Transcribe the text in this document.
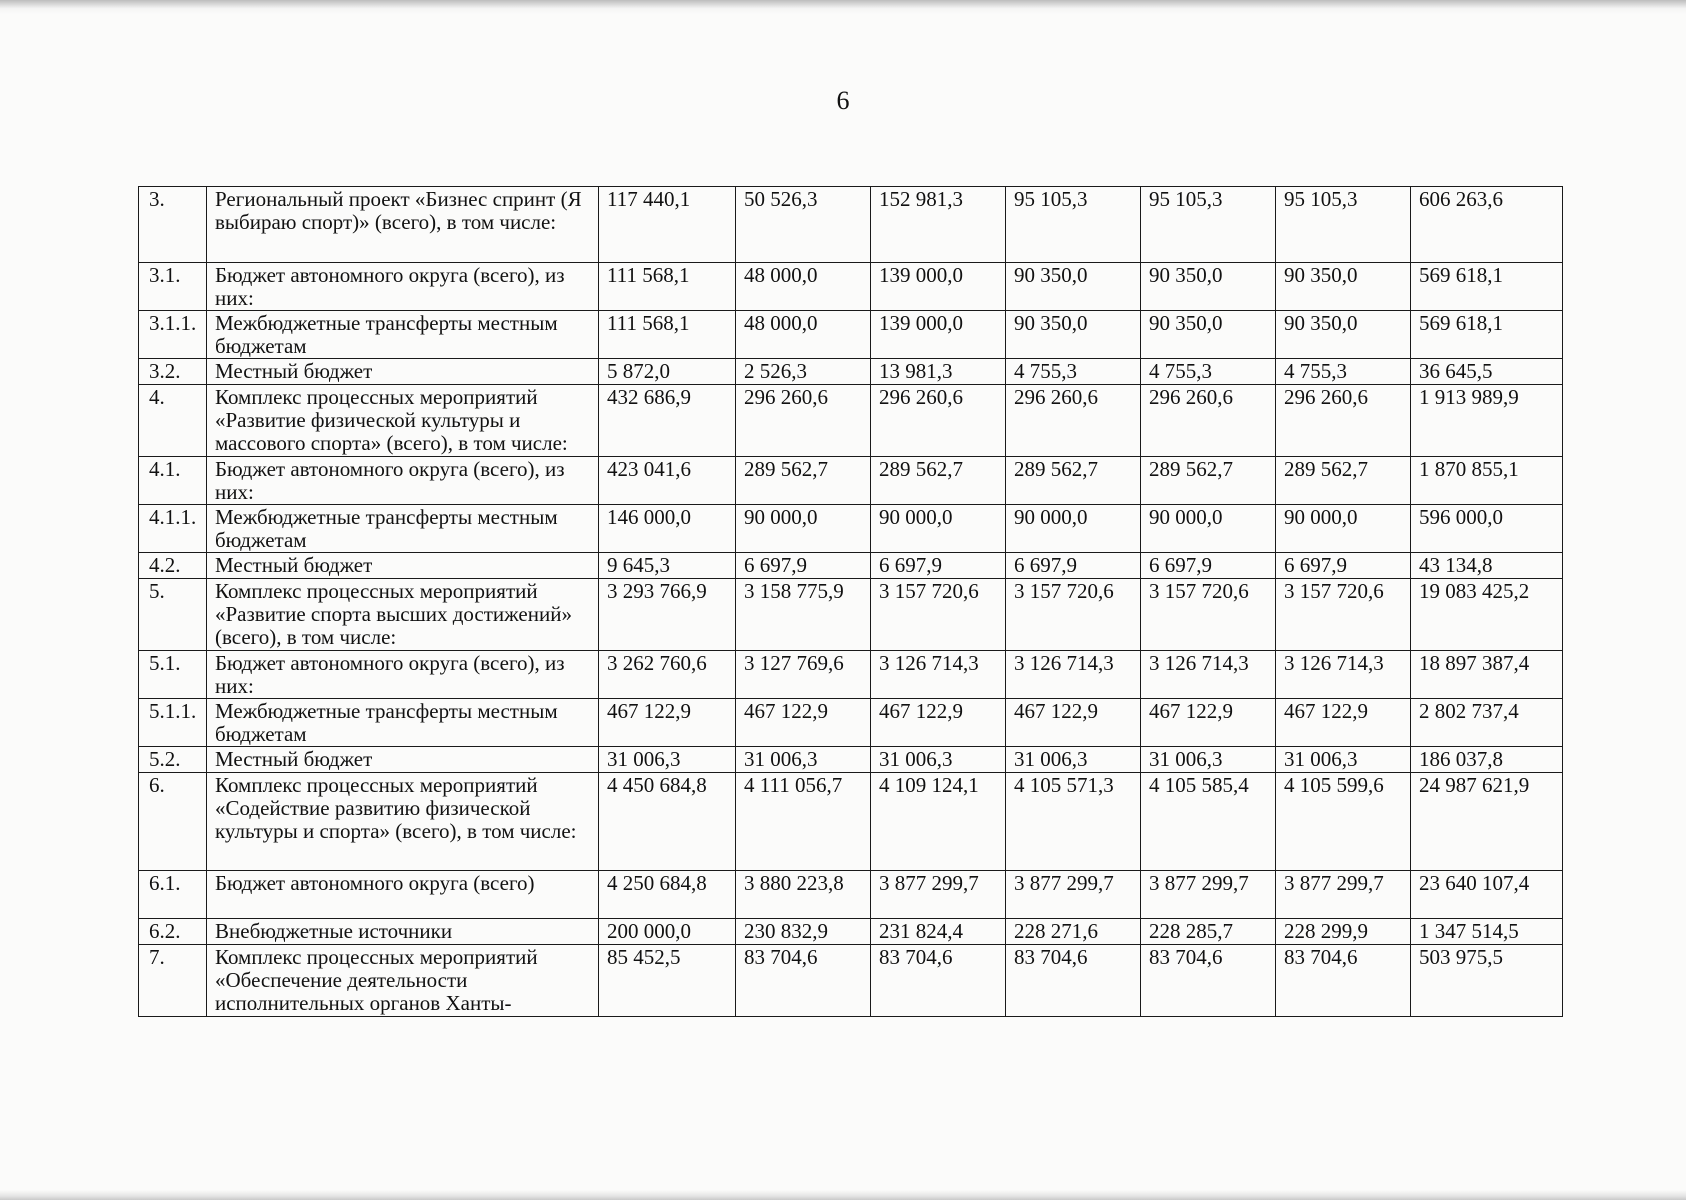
6
3.	Региональный проект «Бизнес спринт (Я выбираю спорт)» (всего), в том числе:	117 440,1	50 526,3	152 981,3	95 105,3	95 105,3	95 105,3	606 263,6
3.1.	Бюджет автономного округа (всего), из них:	111 568,1	48 000,0	139 000,0	90 350,0	90 350,0	90 350,0	569 618,1
3.1.1.	Межбюджетные трансферты местным бюджетам	111 568,1	48 000,0	139 000,0	90 350,0	90 350,0	90 350,0	569 618,1
3.2.	Местный бюджет	5 872,0	2 526,3	13 981,3	4 755,3	4 755,3	4 755,3	36 645,5
4.	Комплекс процессных мероприятий «Развитие физической культуры и массового спорта» (всего), в том числе:	432 686,9	296 260,6	296 260,6	296 260,6	296 260,6	296 260,6	1 913 989,9
4.1.	Бюджет автономного округа (всего), из них:	423 041,6	289 562,7	289 562,7	289 562,7	289 562,7	289 562,7	1 870 855,1
4.1.1.	Межбюджетные трансферты местным бюджетам	146 000,0	90 000,0	90 000,0	90 000,0	90 000,0	90 000,0	596 000,0
4.2.	Местный бюджет	9 645,3	6 697,9	6 697,9	6 697,9	6 697,9	6 697,9	43 134,8
5.	Комплекс процессных мероприятий «Развитие спорта высших достижений» (всего), в том числе:	3 293 766,9	3 158 775,9	3 157 720,6	3 157 720,6	3 157 720,6	3 157 720,6	19 083 425,2
5.1.	Бюджет автономного округа (всего), из них:	3 262 760,6	3 127 769,6	3 126 714,3	3 126 714,3	3 126 714,3	3 126 714,3	18 897 387,4
5.1.1.	Межбюджетные трансферты местным бюджетам	467 122,9	467 122,9	467 122,9	467 122,9	467 122,9	467 122,9	2 802 737,4
5.2.	Местный бюджет	31 006,3	31 006,3	31 006,3	31 006,3	31 006,3	31 006,3	186 037,8
6.	Комплекс процессных мероприятий «Содействие развитию физической культуры и спорта» (всего), в том числе:	4 450 684,8	4 111 056,7	4 109 124,1	4 105 571,3	4 105 585,4	4 105 599,6	24 987 621,9
6.1.	Бюджет автономного округа (всего)	4 250 684,8	3 880 223,8	3 877 299,7	3 877 299,7	3 877 299,7	3 877 299,7	23 640 107,4
6.2.	Внебюджетные источники	200 000,0	230 832,9	231 824,4	228 271,6	228 285,7	228 299,9	1 347 514,5
7.	Комплекс процессных мероприятий «Обеспечение деятельности исполнительных органов Ханты-	85 452,5	83 704,6	83 704,6	83 704,6	83 704,6	83 704,6	503 975,5
